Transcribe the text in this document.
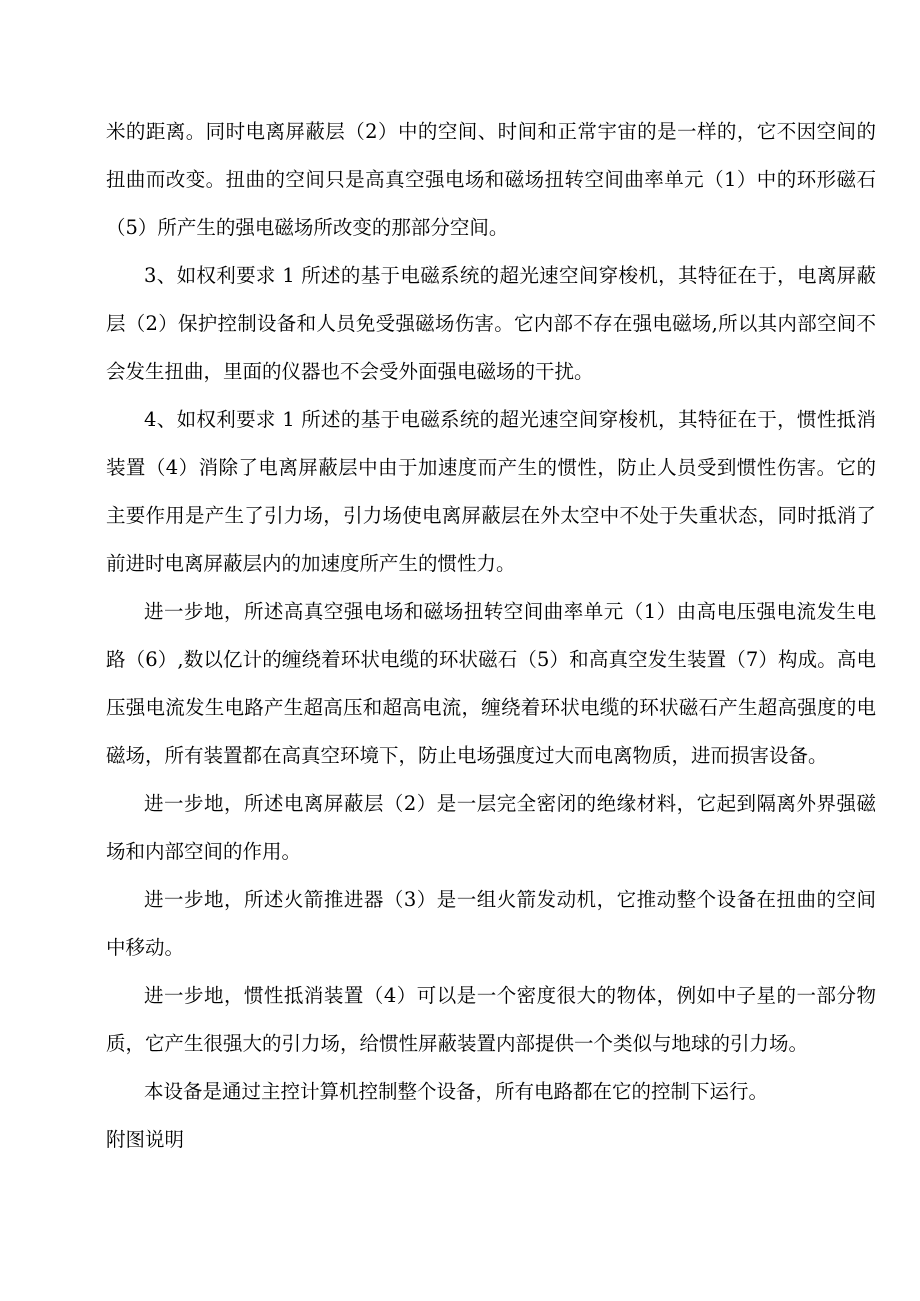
米的距离。同时电离屏蔽层（2）中的空间、时间和正常宇宙的是一样的，它不因空间的扭曲而改变。扭曲的空间只是高真空强电场和磁场扭转空间曲率单元（1）中的环形磁石（5）所产生的强电磁场所改变的那部分空间。

3、如权利要求 1 所述的基于电磁系统的超光速空间穿梭机，其特征在于，电离屏蔽层（2）保护控制设备和人员免受强磁场伤害。它内部不存在强电磁场,所以其内部空间不会发生扭曲，里面的仪器也不会受外面强电磁场的干扰。

4、如权利要求 1 所述的基于电磁系统的超光速空间穿梭机，其特征在于，惯性抵消装置（4）消除了电离屏蔽层中由于加速度而产生的惯性，防止人员受到惯性伤害。它的主要作用是产生了引力场，引力场使电离屏蔽层在外太空中不处于失重状态，同时抵消了前进时电离屏蔽层内的加速度所产生的惯性力。

进一步地，所述高真空强电场和磁场扭转空间曲率单元（1）由高电压强电流发生电路（6）,数以亿计的缠绕着环状电缆的环状磁石（5）和高真空发生装置（7）构成。高电压强电流发生电路产生超高压和超高电流，缠绕着环状电缆的环状磁石产生超高强度的电磁场，所有装置都在高真空环境下，防止电场强度过大而电离物质，进而损害设备。

进一步地，所述电离屏蔽层（2）是一层完全密闭的绝缘材料，它起到隔离外界强磁场和内部空间的作用。

进一步地，所述火箭推进器（3）是一组火箭发动机，它推动整个设备在扭曲的空间中移动。

进一步地，惯性抵消装置（4）可以是一个密度很大的物体，例如中子星的一部分物质，它产生很强大的引力场，给惯性屏蔽装置内部提供一个类似与地球的引力场。

本设备是通过主控计算机控制整个设备，所有电路都在它的控制下运行。

附图说明
